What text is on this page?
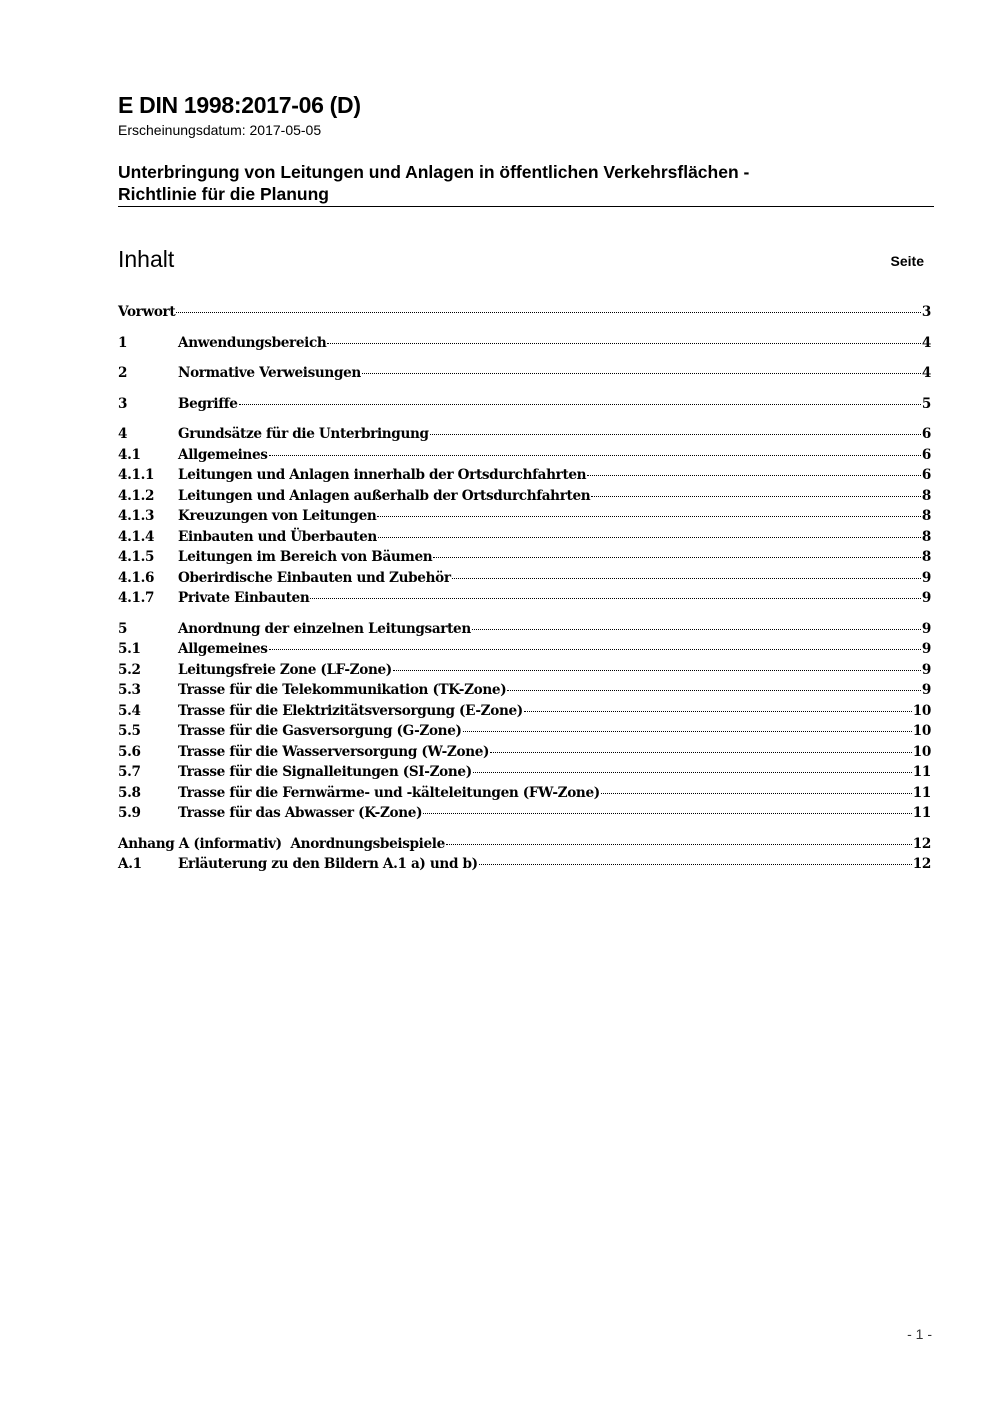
E DIN 1998:2017-06 (D)
Erscheinungsdatum: 2017-05-05
Unterbringung von Leitungen und Anlagen in öffentlichen Verkehrsflächen -
Richtlinie für die Planung
Inhalt	Seite
Vorwort	3
1	Anwendungsbereich	4
2	Normative Verweisungen	4
3	Begriffe	5
4	Grundsätze für die Unterbringung	6
4.1	Allgemeines	6
4.1.1	Leitungen und Anlagen innerhalb der Ortsdurchfahrten	6
4.1.2	Leitungen und Anlagen außerhalb der Ortsdurchfahrten	8
4.1.3	Kreuzungen von Leitungen	8
4.1.4	Einbauten und Überbauten	8
4.1.5	Leitungen im Bereich von Bäumen	8
4.1.6	Oberirdische Einbauten und Zubehör	9
4.1.7	Private Einbauten	9
5	Anordnung der einzelnen Leitungsarten	9
5.1	Allgemeines	9
5.2	Leitungsfreie Zone (LF-Zone)	9
5.3	Trasse für die Telekommunikation (TK-Zone)	9
5.4	Trasse für die Elektrizitätsversorgung (E-Zone)	10
5.5	Trasse für die Gasversorgung (G-Zone)	10
5.6	Trasse für die Wasserversorgung (W-Zone)	10
5.7	Trasse für die Signalleitungen (SI-Zone)	11
5.8	Trasse für die Fernwärme- und -kälteleitungen (FW-Zone)	11
5.9	Trasse für das Abwasser (K-Zone)	11
Anhang A (informativ)  Anordnungsbeispiele	12
A.1	Erläuterung zu den Bildern A.1 a) und b)	12
- 1 -
